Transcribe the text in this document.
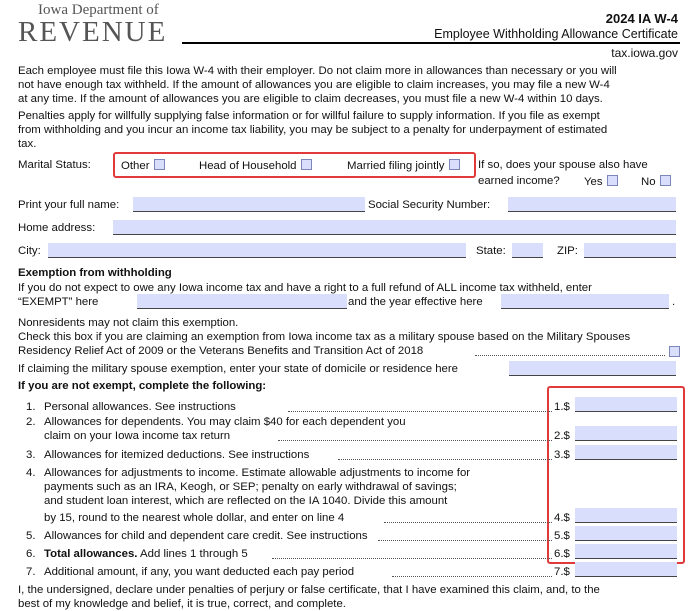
Iowa Department of
REVENUE	2024 IA W-4
Employee Withholding Allowance Certificate
tax.iowa.gov
Each employee must file this Iowa W-4 with their employer. Do not claim more in allowances than necessary or you will
not have enough tax withheld. If the amount of allowances you are eligible to claim increases, you may file a new W-4
at any time. If the amount of allowances you are eligible to claim decreases, you must file a new W-4 within 10 days.
Penalties apply for willfully supplying false information or for willful failure to supply information. If you file as exempt
from withholding and you incur an income tax liability, you may be subject to a penalty for underpayment of estimated
tax.
Marital Status:	Other	Head of Household	Married filing jointly	If so, does your spouse also have
earned income? Yes	No
Print your full name:	Social Security Number:
Home address:
City:	State:	ZIP:
Exemption from withholding
If you do not expect to owe any Iowa income tax and have a right to a full refund of ALL income tax withheld, enter
“EXEMPT” here	and the year effective here	.
Nonresidents may not claim this exemption.
Check this box if you are claiming an exemption from Iowa income tax as a military spouse based on the Military Spouses
Residency Relief Act of 2009 or the Veterans Benefits and Transition Act of 2018
If claiming the military spouse exemption, enter your state of domicile or residence here
If you are not exempt, complete the following:
1. Personal allowances. See instructions	1.$
2. Allowances for dependents. You may claim $40 for each dependent you
claim on your Iowa income tax return	2.$
3. Allowances for itemized deductions. See instructions	3.$
4. Allowances for adjustments to income. Estimate allowable adjustments to income for
payments such as an IRA, Keogh, or SEP; penalty on early withdrawal of savings;
and student loan interest, which are reflected on the IA 1040. Divide this amount
by 15, round to the nearest whole dollar, and enter on line 4	4.$
5. Allowances for child and dependent care credit. See instructions	5.$
6. Total allowances. Add lines 1 through 5	6.$
7. Additional amount, if any, you want deducted each pay period	7.$
I, the undersigned, declare under penalties of perjury or false certificate, that I have examined this claim, and, to the
best of my knowledge and belief, it is true, correct, and complete.
